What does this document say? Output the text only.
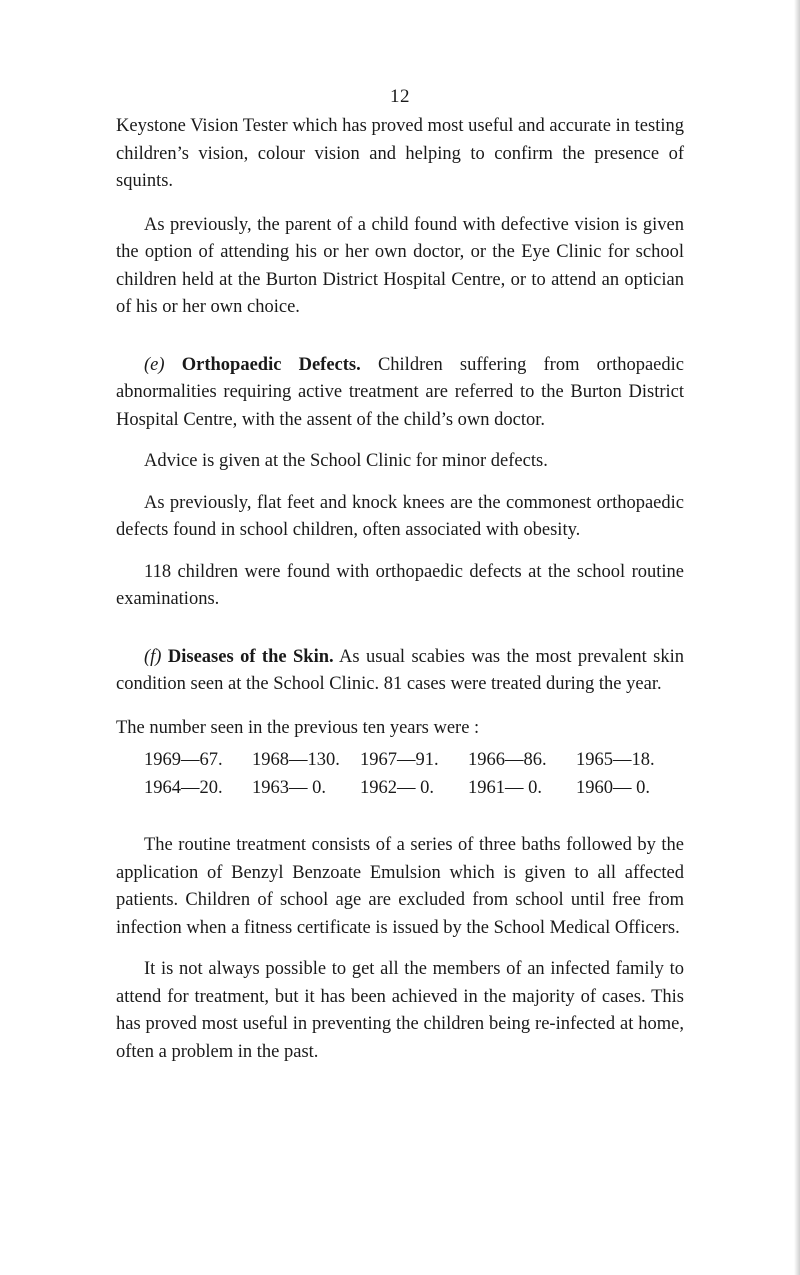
12

Keystone Vision Tester which has proved most useful and accurate in testing children’s vision, colour vision and helping to confirm the presence of squints.

As previously, the parent of a child found with defective vision is given the option of attending his or her own doctor, or the Eye Clinic for school children held at the Burton District Hospital Centre, or to attend an optician of his or her own choice.

(e) Orthopaedic Defects. Children suffering from orthopaedic abnormalities requiring active treatment are referred to the Burton District Hospital Centre, with the assent of the child’s own doctor.

Advice is given at the School Clinic for minor defects.

As previously, flat feet and knock knees are the commonest orthopaedic defects found in school children, often associated with obesity.

118 children were found with orthopaedic defects at the school routine examinations.

(f) Diseases of the Skin. As usual scabies was the most prevalent skin condition seen at the School Clinic. 81 cases were treated during the year.

The number seen in the previous ten years were :

1969—67.	1968—130.	1967—91.	1966—86.	1965—18.
1964—20.	1963— 0.	1962— 0.	1961— 0.	1960— 0.

The routine treatment consists of a series of three baths followed by the application of Benzyl Benzoate Emulsion which is given to all affected patients. Children of school age are excluded from school until free from infection when a fitness certificate is issued by the School Medical Officers.

It is not always possible to get all the members of an infected family to attend for treatment, but it has been achieved in the majority of cases. This has proved most useful in preventing the children being re-infected at home, often a problem in the past.
